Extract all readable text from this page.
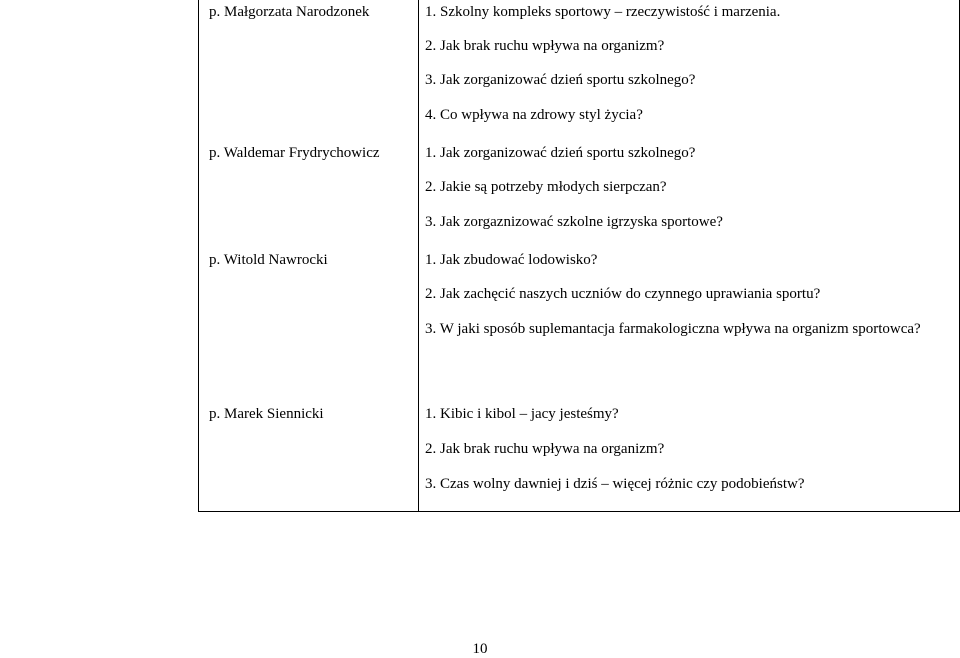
p. Małgorzata Narodzonek	1. Szkolny kompleks sportowy – rzeczywistość i marzenia.
2. Jak brak ruchu wpływa na organizm?
3. Jak zorganizować dzień sportu szkolnego?
4. Co wpływa na zdrowy styl życia?
p. Waldemar Frydrychowicz	1. Jak zorganizować dzień sportu szkolnego?
2. Jakie są potrzeby młodych sierpczan?
3. Jak zorgaznizować szkolne igrzyska sportowe?
p. Witold Nawrocki	1. Jak zbudować lodowisko?
2. Jak zachęcić naszych uczniów do czynnego uprawiania sportu?
3. W jaki sposób suplemantacja farmakologiczna wpływa na organizm sportowca?
p. Marek Siennicki	1. Kibic i kibol – jacy jesteśmy?
2. Jak brak ruchu wpływa na organizm?
3. Czas wolny dawniej i dziś – więcej różnic czy podobieństw?
10
